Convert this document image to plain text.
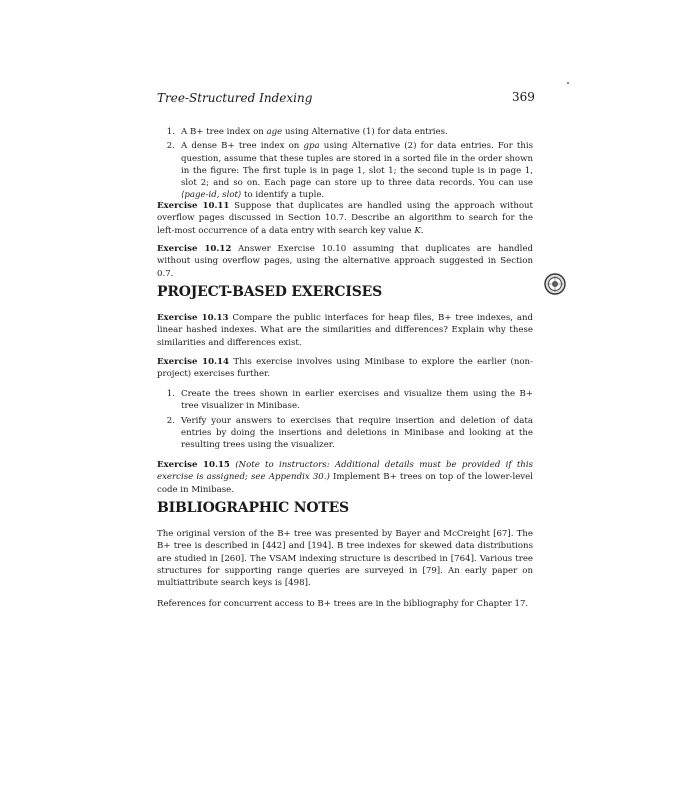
Tree-Structured Indexing	369
1. A B+ tree index on age using Alternative (1) for data entries.
2. A dense B+ tree index on gpa using Alternative (2) for data entries. For this question, assume that these tuples are stored in a sorted file in the order shown in the figure: The first tuple is in page 1, slot 1; the second tuple is in page 1, slot 2; and so on. Each page can store up to three data records. You can use ⟨page-id, slot⟩ to identify a tuple.
Exercise 10.11 Suppose that duplicates are handled using the approach without overflow pages discussed in Section 10.7. Describe an algorithm to search for the left-most occurrence of a data entry with search key value K.
Exercise 10.12 Answer Exercise 10.10 assuming that duplicates are handled without using overflow pages, using the alternative approach suggested in Section 0.7.
PROJECT-BASED EXERCISES
Exercise 10.13 Compare the public interfaces for heap files, B+ tree indexes, and linear hashed indexes. What are the similarities and differences? Explain why these similarities and differences exist.
Exercise 10.14 This exercise involves using Minibase to explore the earlier (non-project) exercises further.
1. Create the trees shown in earlier exercises and visualize them using the B+ tree visualizer in Minibase.
2. Verify your answers to exercises that require insertion and deletion of data entries by doing the insertions and deletions in Minibase and looking at the resulting trees using the visualizer.
Exercise 10.15 (Note to instructors: Additional details must be provided if this exercise is assigned; see Appendix 30.) Implement B+ trees on top of the lower-level code in Minibase.
BIBLIOGRAPHIC NOTES
The original version of the B+ tree was presented by Bayer and McCreight [67]. The B+ tree is described in [442] and [194]. B tree indexes for skewed data distributions are studied in [260]. The VSAM indexing structure is described in [764]. Various tree structures for supporting range queries are surveyed in [79]. An early paper on multiattribute search keys is [498].
References for concurrent access to B+ trees are in the bibliography for Chapter 17.
